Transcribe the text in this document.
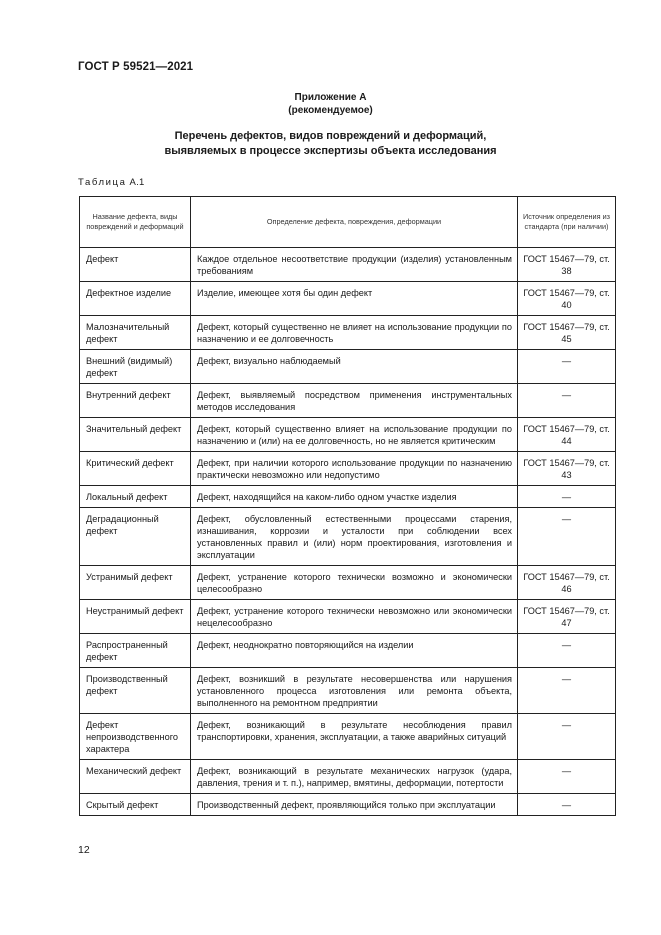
ГОСТ Р 59521—2021
Приложение А
(рекомендуемое)
Перечень дефектов, видов повреждений и деформаций,
выявляемых в процессе экспертизы объекта исследования
Таблица А.1
Название дефекта, виды повреждений и деформаций	Определение дефекта, повреждения, деформации	Источник определения из стандарта (при наличии)
Дефект	Каждое отдельное несоответствие продукции (изделия) установленным требованиям	ГОСТ 15467—79, ст. 38
Дефектное изделие	Изделие, имеющее хотя бы один дефект	ГОСТ 15467—79, ст. 40
Малозначительный дефект	Дефект, который существенно не влияет на использование продукции по назначению и ее долговечность	ГОСТ 15467—79, ст. 45
Внешний (видимый) дефект	Дефект, визуально наблюдаемый	—
Внутренний дефект	Дефект, выявляемый посредством применения инструментальных методов исследования	—
Значительный дефект	Дефект, который существенно влияет на использование продукции по назначению и (или) на ее долговечность, но не является критическим	ГОСТ 15467—79, ст. 44
Критический дефект	Дефект, при наличии которого использование продукции по назначению практически невозможно или недопустимо	ГОСТ 15467—79, ст. 43
Локальный дефект	Дефект, находящийся на каком-либо одном участке изделия	—
Деградационный дефект	Дефект, обусловленный естественными процессами старения, изнашивания, коррозии и усталости при соблюдении всех установленных правил и (или) норм проектирования, изготовления и эксплуатации	—
Устранимый дефект	Дефект, устранение которого технически возможно и экономически целесообразно	ГОСТ 15467—79, ст. 46
Неустранимый дефект	Дефект, устранение которого технически невозможно или экономически нецелесообразно	ГОСТ 15467—79, ст. 47
Распространенный дефект	Дефект, неоднократно повторяющийся на изделии	—
Производственный дефект	Дефект, возникший в результате несовершенства или нарушения установленного процесса изготовления или ремонта объекта, выполненного на ремонтном предприятии	—
Дефект непроизводственного характера	Дефект, возникающий в результате несоблюдения правил транспортировки, хранения, эксплуатации, а также аварийных ситуаций	—
Механический дефект	Дефект, возникающий в результате механических нагрузок (удара, давления, трения и т. п.), например, вмятины, деформации, потертости	—
Скрытый дефект	Производственный дефект, проявляющийся только при эксплуатации	—
12
